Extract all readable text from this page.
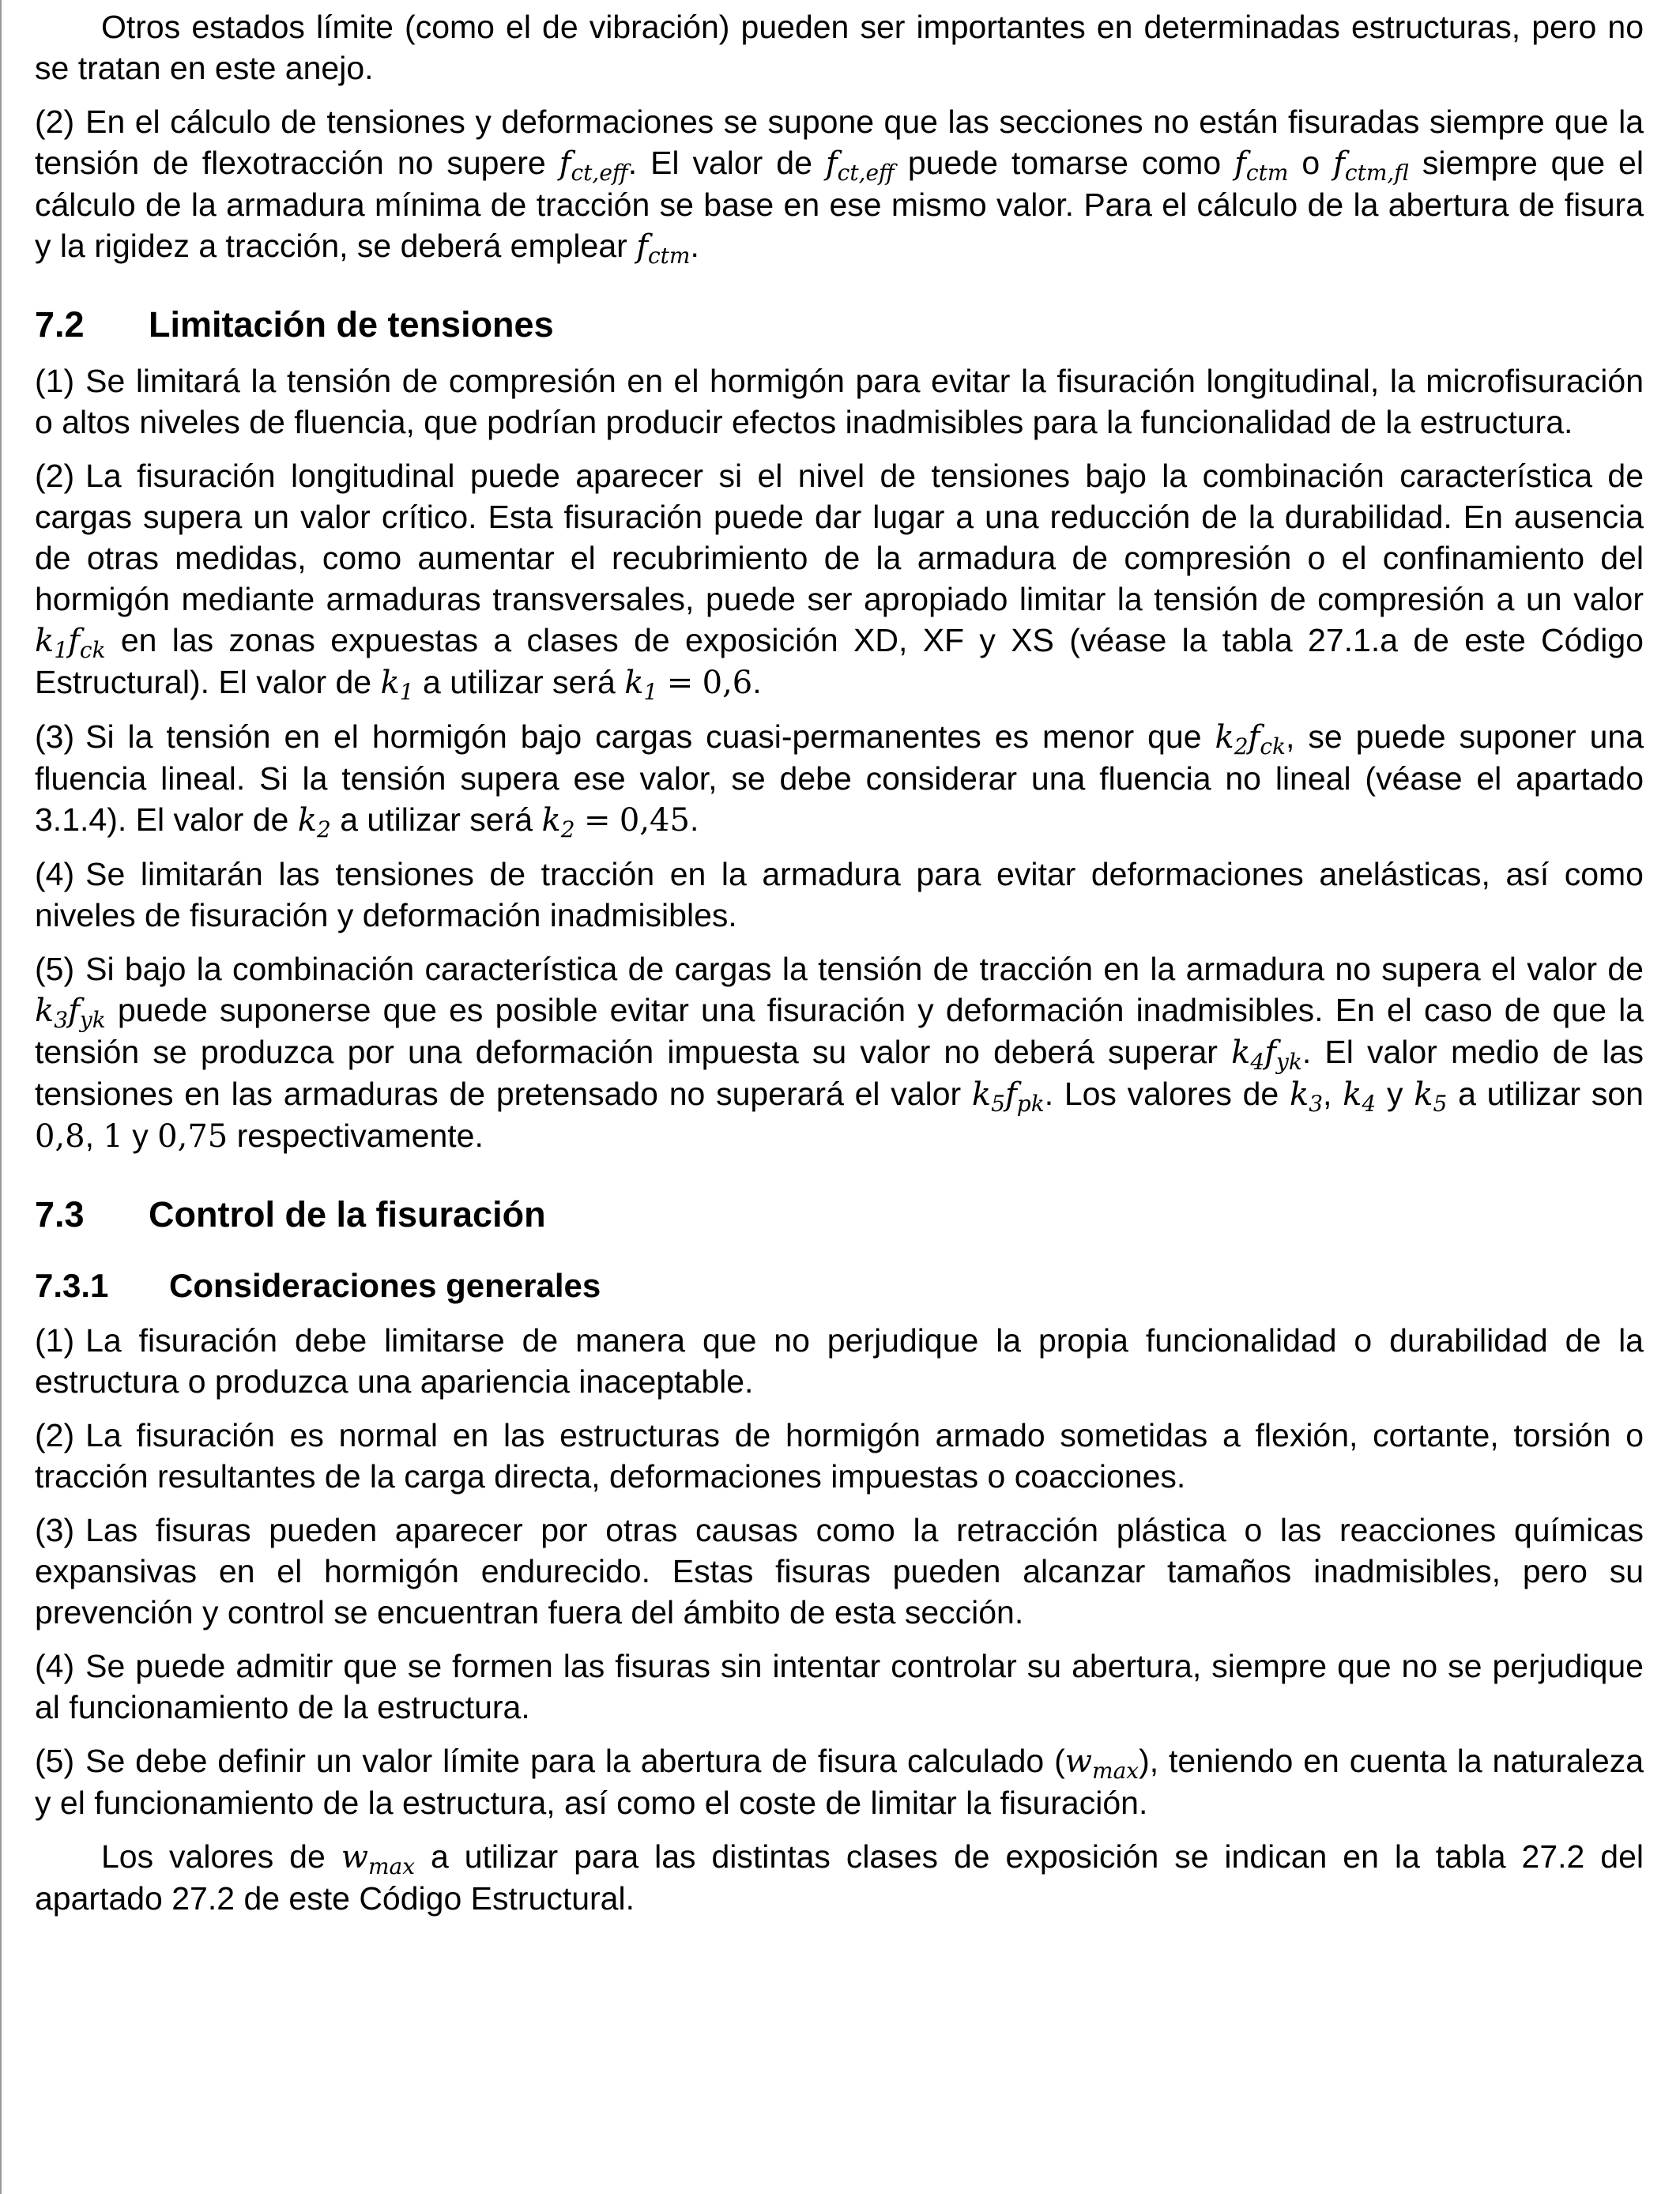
Otros estados límite (como el de vibración) pueden ser importantes en determinadas estructuras, pero no se tratan en este anejo.

(2) En el cálculo de tensiones y deformaciones se supone que las secciones no están fisuradas siempre que la tensión de flexotracción no supere $f_{ct,eff}$. El valor de $f_{ct,eff}$ puede tomarse como $f_{ctm}$ o $f_{ctm,fl}$ siempre que el cálculo de la armadura mínima de tracción se base en ese mismo valor. Para el cálculo de la abertura de fisura y la rigidez a tracción, se deberá emplear $f_{ctm}$.

7.2 Limitación de tensiones

(1) Se limitará la tensión de compresión en el hormigón para evitar la fisuración longitudinal, la microfisuración o altos niveles de fluencia, que podrían producir efectos inadmisibles para la funcionalidad de la estructura.

(2) La fisuración longitudinal puede aparecer si el nivel de tensiones bajo la combinación característica de cargas supera un valor crítico. Esta fisuración puede dar lugar a una reducción de la durabilidad. En ausencia de otras medidas, como aumentar el recubrimiento de la armadura de compresión o el confinamiento del hormigón mediante armaduras transversales, puede ser apropiado limitar la tensión de compresión a un valor $k_1f_{ck}$ en las zonas expuestas a clases de exposición XD, XF y XS (véase la tabla 27.1.a de este Código Estructural). El valor de $k_1$ a utilizar será $k_1 = 0,6$.

(3) Si la tensión en el hormigón bajo cargas cuasi-permanentes es menor que $k_2f_{ck}$, se puede suponer una fluencia lineal. Si la tensión supera ese valor, se debe considerar una fluencia no lineal (véase el apartado 3.1.4). El valor de $k_2$ a utilizar será $k_2 = 0,45$.

(4) Se limitarán las tensiones de tracción en la armadura para evitar deformaciones anelásticas, así como niveles de fisuración y deformación inadmisibles.

(5) Si bajo la combinación característica de cargas la tensión de tracción en la armadura no supera el valor de $k_3f_{yk}$ puede suponerse que es posible evitar una fisuración y deformación inadmisibles. En el caso de que la tensión se produzca por una deformación impuesta su valor no deberá superar $k_4f_{yk}$. El valor medio de las tensiones en las armaduras de pretensado no superará el valor $k_5f_{pk}$. Los valores de $k_3$, $k_4$ y $k_5$ a utilizar son 0,8, 1 y 0,75 respectivamente.

7.3 Control de la fisuración
7.3.1 Consideraciones generales

(1) La fisuración debe limitarse de manera que no perjudique la propia funcionalidad o durabilidad de la estructura o produzca una apariencia inaceptable.

(2) La fisuración es normal en las estructuras de hormigón armado sometidas a flexión, cortante, torsión o tracción resultantes de la carga directa, deformaciones impuestas o coacciones.

(3) Las fisuras pueden aparecer por otras causas como la retracción plástica o las reacciones químicas expansivas en el hormigón endurecido. Estas fisuras pueden alcanzar tamaños inadmisibles, pero su prevención y control se encuentran fuera del ámbito de esta sección.

(4) Se puede admitir que se formen las fisuras sin intentar controlar su abertura, siempre que no se perjudique al funcionamiento de la estructura.

(5) Se debe definir un valor límite para la abertura de fisura calculado $(w_{max})$, teniendo en cuenta la naturaleza y el funcionamiento de la estructura, así como el coste de limitar la fisuración.

Los valores de $w_{max}$ a utilizar para las distintas clases de exposición se indican en la tabla 27.2 del apartado 27.2 de este Código Estructural.
